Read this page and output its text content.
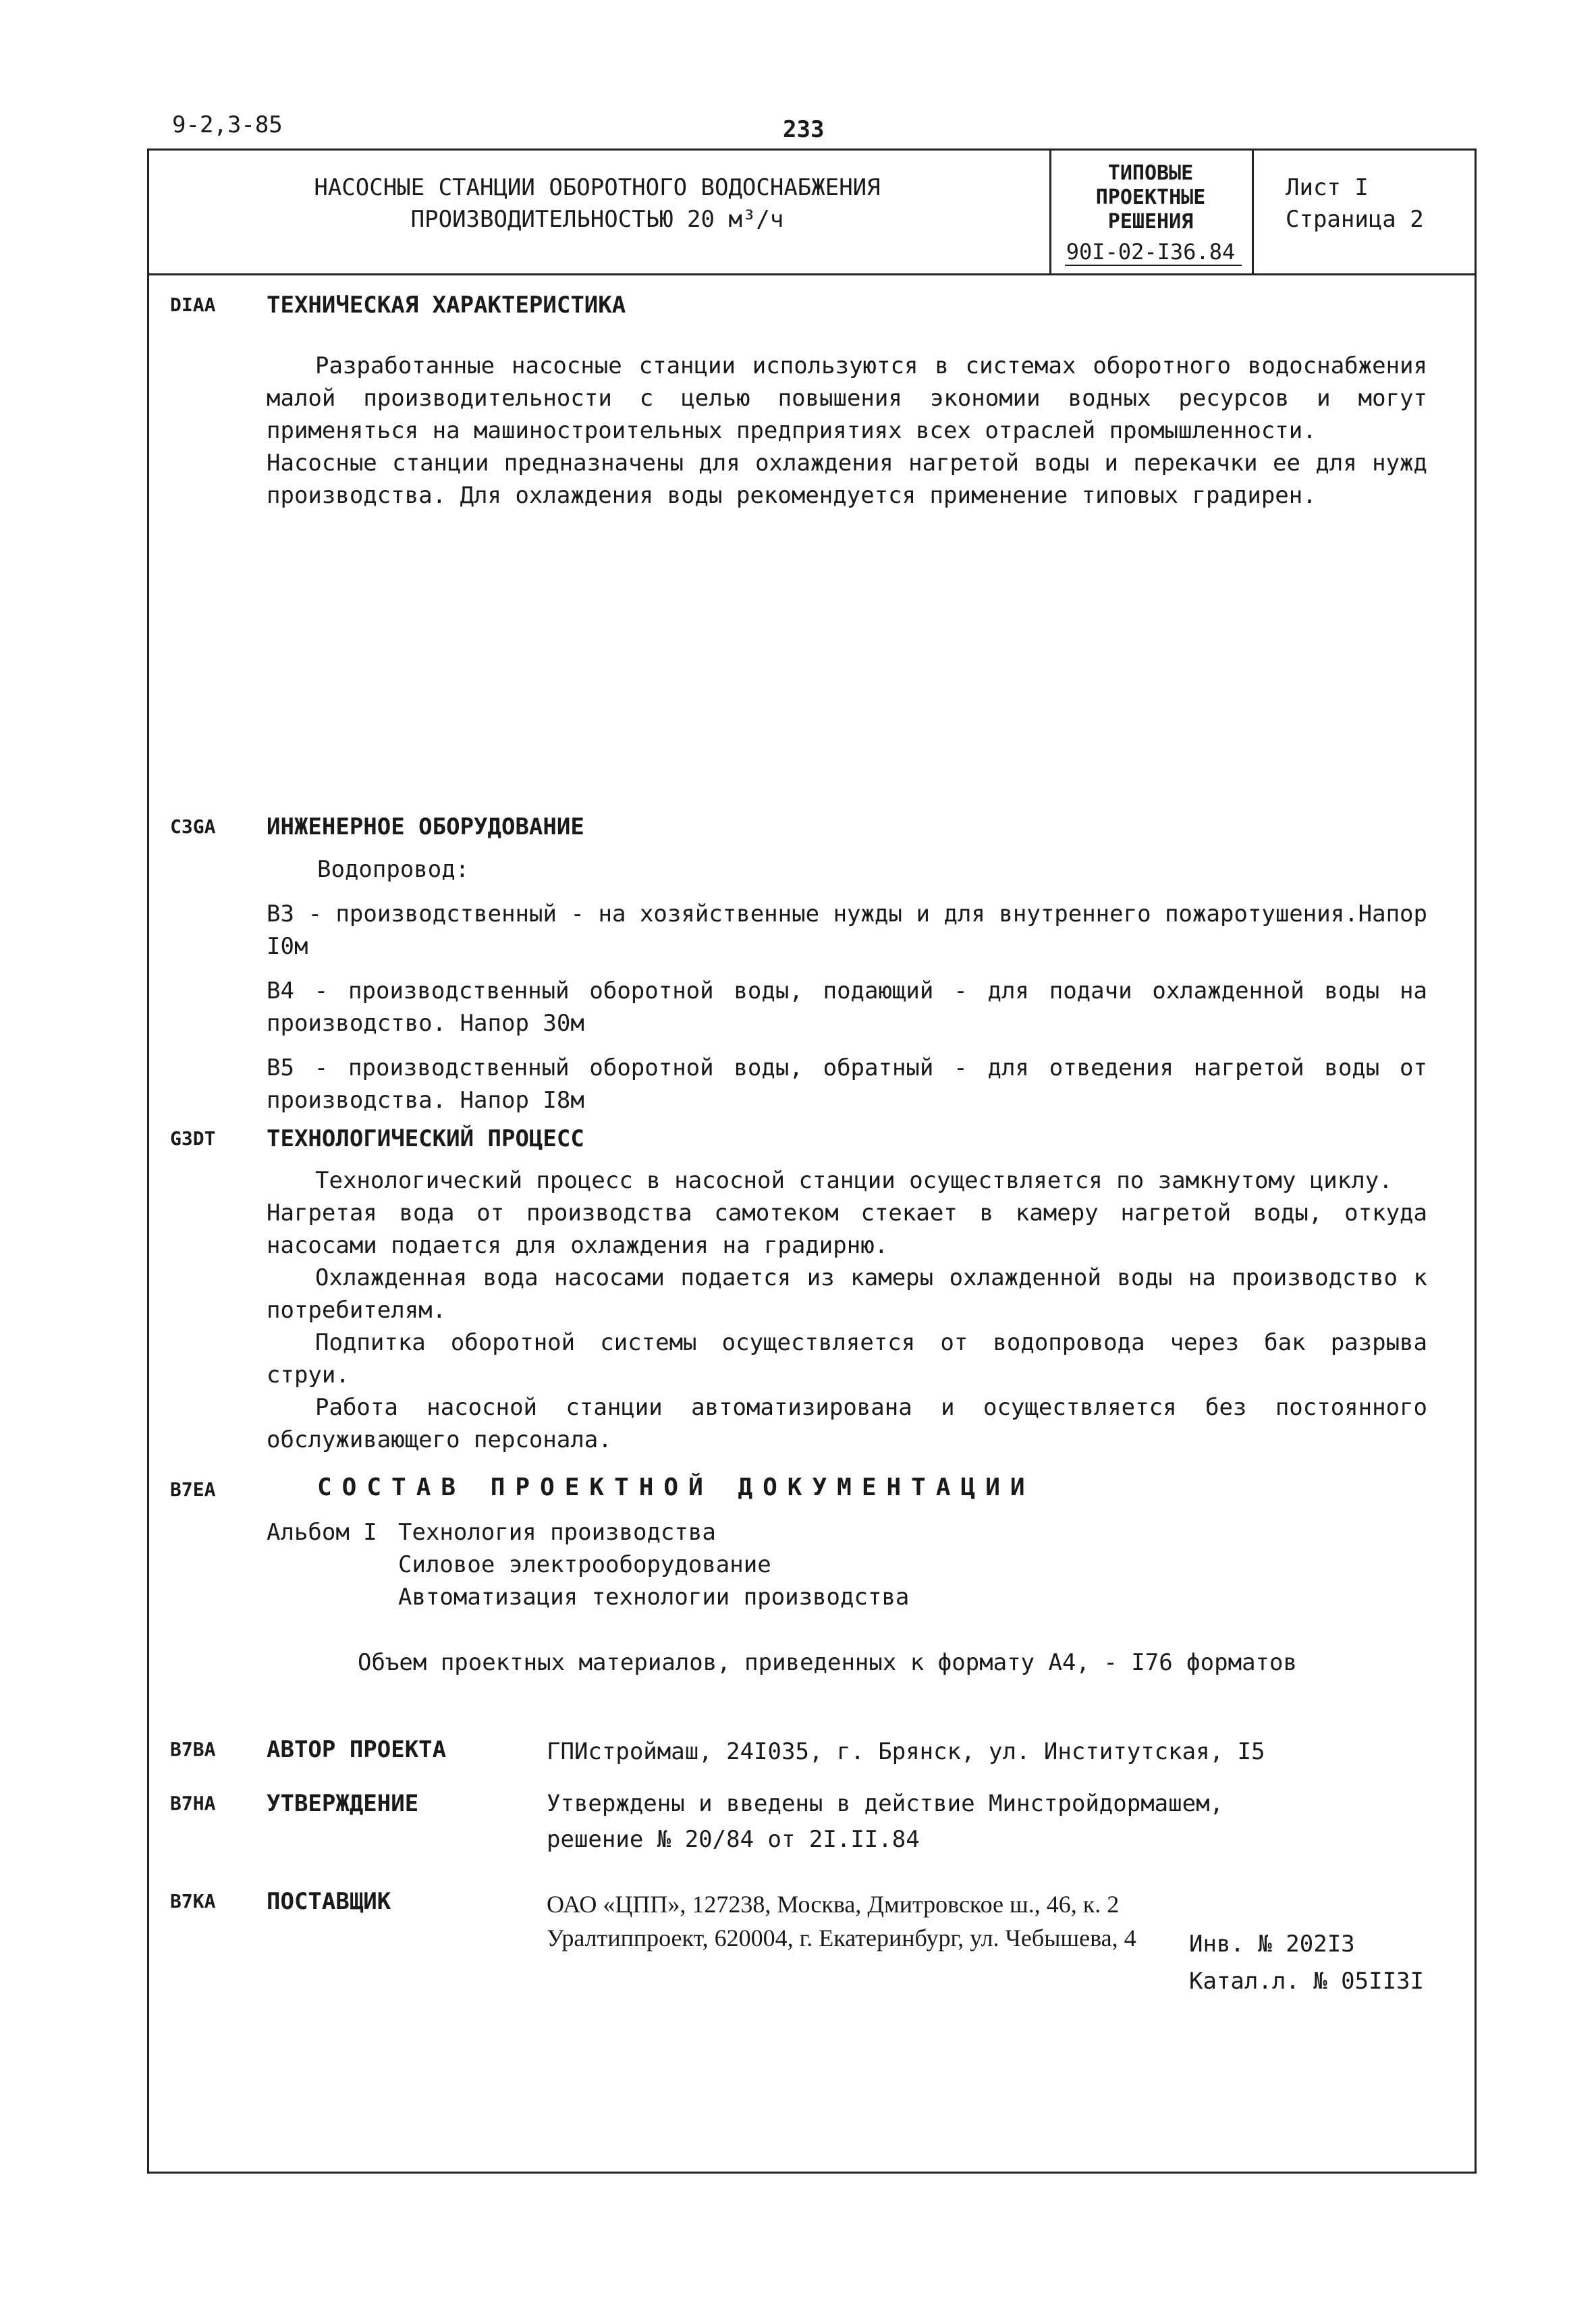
9-2,3-85	233
НАСОСНЫЕ СТАНЦИИ ОБОРОТНОГО ВОДОСНАБЖЕНИЯ
ПРОИЗВОДИТЕЛЬНОСТЬЮ 20 м³/ч
ТИПОВЫЕ
ПРОЕКТНЫЕ
РЕШЕНИЯ
90I-02-I36.84
Лист I
Страница 2
DIAA ТЕХНИЧЕСКАЯ ХАРАКТЕРИСТИКА

Разработанные насосные станции используются в системах оборотного водоснабжения малой производительности с целью повышения экономии водных ресурсов и могут применяться на машиностроительных предприятиях всех отраслей промышленности.

Насосные станции предназначены для охлаждения нагретой воды и перекачки ее для нужд производства. Для охлаждения воды рекомендуется применение типовых градирен.

C3GA ИНЖЕНЕРНОЕ ОБОРУДОВАНИЕ
Водопровод:

В3 - производственный - на хозяйственные нужды и для внутреннего пожаротушения.Напор I0м

В4 - производственный оборотной воды, подающий - для подачи охлажденной воды на производство. Напор 30м

В5 - производственный оборотной воды, обратный - для отведения нагретой воды от производства. Напор I8м

G3DT ТЕХНОЛОГИЧЕСКИЙ ПРОЦЕСС

Технологический процесс в насосной станции осуществляется по замкнутому циклу.

Нагретая вода от производства самотеком стекает в камеру нагретой воды, откуда насосами подается для охлаждения на градирню.

Охлажденная вода насосами подается из камеры охлажденной воды на производство к потребителям.

Подпитка оборотной системы осуществляется от водопровода через бак разрыва струи.

Работа насосной станции автоматизирована и осуществляется без постоянного обслуживающего персонала.

B7EA	СОСТАВ ПРОЕКТНОЙ ДОКУМЕНТАЦИИ
Альбом I Технология производства
Силовое электрооборудование
Автоматизация технологии производства
Объем проектных материалов, приведенных к формату А4, - I76 форматов
B7BA АВТОР ПРОЕКТА	ГПИстроймаш, 24I035, г. Брянск, ул. Институтская, I5
B7HA УТВЕРЖДЕНИЕ	Утверждены и введены в действие Минстройдормашем,
решение № 20/84 от 2I.II.84
B7KA ПОСТАВЩИК	ОАО «ЦПП», 127238, Москва, Дмитровское ш., 46, к. 2
Уралтиппроект, 620004, г. Екатеринбург, ул. Чебышева, 4 Инв. № 202I3
Катал.л. № 05II3I
